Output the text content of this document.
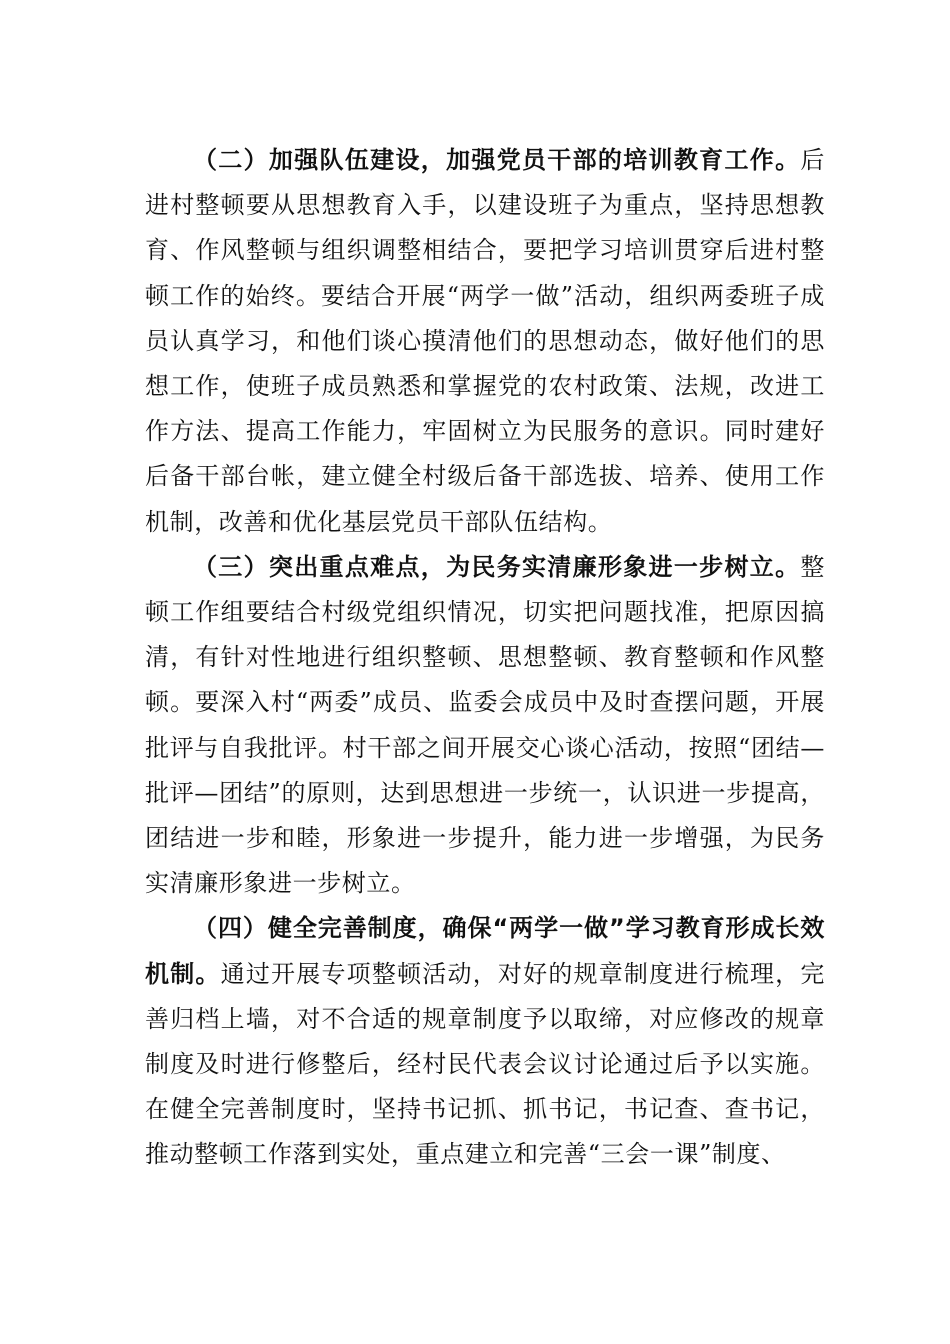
（二）加强队伍建设，加强党员干部的培训教育工作。后进村整顿要从思想教育入手，以建设班子为重点，坚持思想教育、作风整顿与组织调整相结合，要把学习培训贯穿后进村整顿工作的始终。要结合开展“两学一做”活动，组织两委班子成员认真学习，和他们谈心摸清他们的思想动态，做好他们的思想工作，使班子成员熟悉和掌握党的农村政策、法规，改进工作方法、提高工作能力，牢固树立为民服务的意识。同时建好后备干部台帐，建立健全村级后备干部选拔、培养、使用工作机制，改善和优化基层党员干部队伍结构。

（三）突出重点难点，为民务实清廉形象进一步树立。整顿工作组要结合村级党组织情况，切实把问题找准，把原因搞清，有针对性地进行组织整顿、思想整顿、教育整顿和作风整顿。要深入村“两委”成员、监委会成员中及时查摆问题，开展批评与自我批评。村干部之间开展交心谈心活动，按照“团结—批评—团结”的原则，达到思想进一步统一，认识进一步提高，团结进一步和睦，形象进一步提升，能力进一步增强，为民务实清廉形象进一步树立。

（四）健全完善制度，确保“两学一做”学习教育形成长效机制。通过开展专项整顿活动，对好的规章制度进行梳理，完善归档上墙，对不合适的规章制度予以取缔，对应修改的规章制度及时进行修整后，经村民代表会议讨论通过后予以实施。在健全完善制度时，坚持书记抓、抓书记，书记查、查书记，推动整顿工作落到实处，重点建立和完善“三会一课”制度、
